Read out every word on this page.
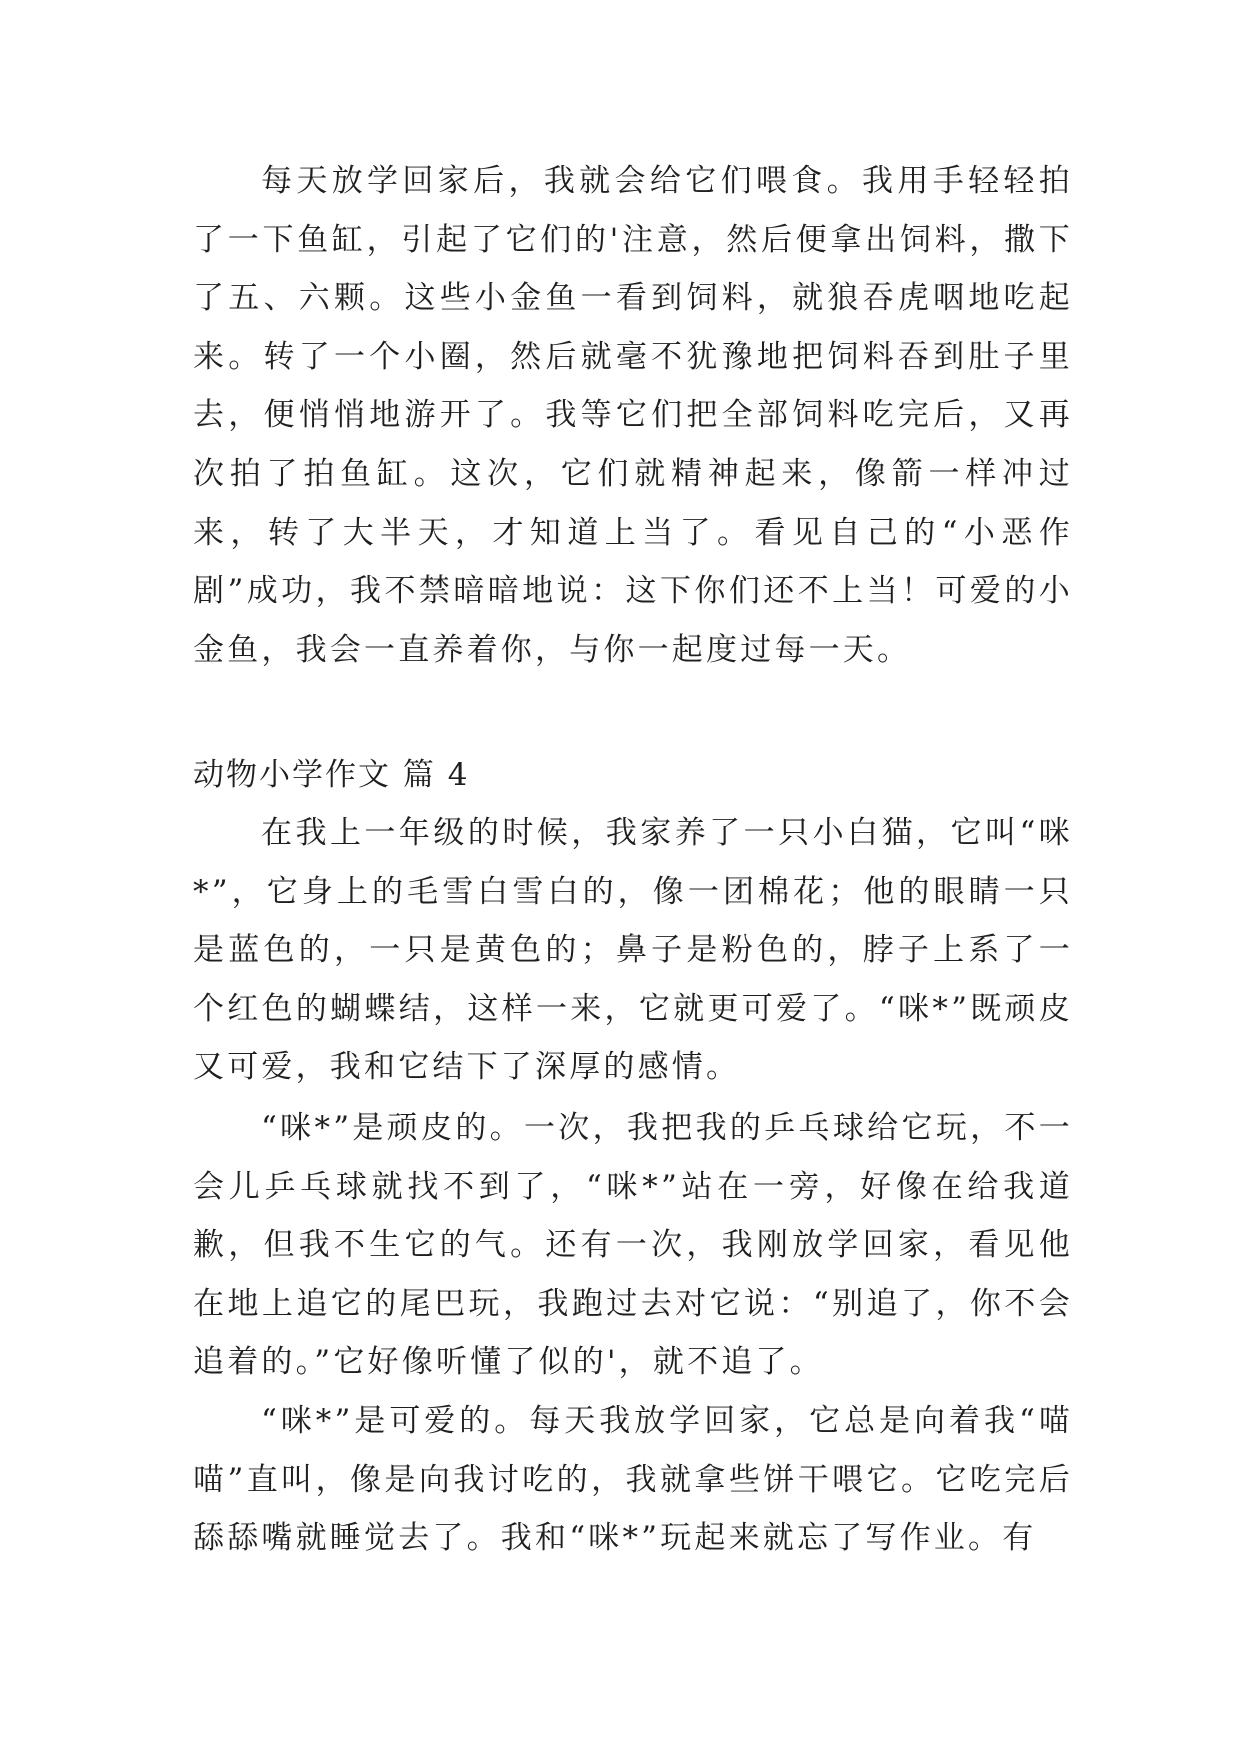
每天放学回家后，我就会给它们喂食。我用手轻轻拍了一下鱼缸，引起了它们的'注意，然后便拿出饲料，撒下了五、六颗。这些小金鱼一看到饲料，就狼吞虎咽地吃起来。转了一个小圈，然后就毫不犹豫地把饲料吞到肚子里去，便悄悄地游开了。我等它们把全部饲料吃完后，又再次拍了拍鱼缸。这次，它们就精神起来，像箭一样冲过来，转了大半天，才知道上当了。看见自己的“小恶作剧”成功，我不禁暗暗地说：这下你们还不上当！可爱的小金鱼，我会一直养着你，与你一起度过每一天。

动物小学作文 篇 4

在我上一年级的时候，我家养了一只小白猫，它叫“咪*”，它身上的毛雪白雪白的，像一团棉花；他的眼睛一只是蓝色的，一只是黄色的；鼻子是粉色的，脖子上系了一个红色的蝴蝶结，这样一来，它就更可爱了。“咪*”既顽皮又可爱，我和它结下了深厚的感情。

“咪*”是顽皮的。一次，我把我的乒乓球给它玩，不一会儿乒乓球就找不到了，“咪*”站在一旁，好像在给我道歉，但我不生它的气。还有一次，我刚放学回家，看见他在地上追它的尾巴玩，我跑过去对它说：“别追了，你不会追着的。”它好像听懂了似的'，就不追了。

“咪*”是可爱的。每天我放学回家，它总是向着我“喵喵”直叫，像是向我讨吃的，我就拿些饼干喂它。它吃完后舔舔嘴就睡觉去了。我和“咪*”玩起来就忘了写作业。有
